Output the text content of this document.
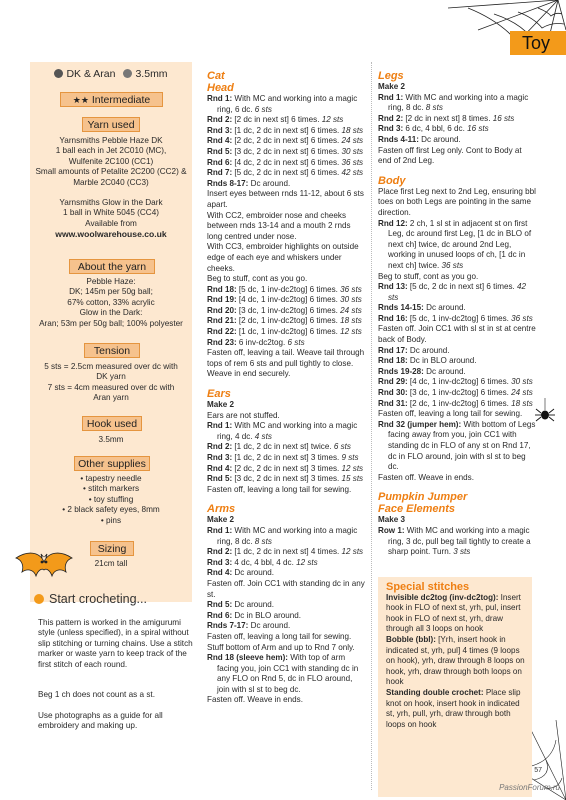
Toy
DK & Aran 3.5mm
★★ Intermediate
Yarn used
Yarnsmiths Pebble Haze DK
1 ball each in Jet 2C010 (MC),
Wulfenite 2C100 (CC1)
Small amounts of Petalite 2C200 (CC2) &
Marble 2C040 (CC3)
Yarnsmiths Glow in the Dark
1 ball in White 5045 (CC4)
Available from
www.woolwarehouse.co.uk
About the yarn
Pebble Haze:
DK; 145m per 50g ball;
67% cotton, 33% acrylic
Glow in the Dark:
Aran; 53m per 50g ball; 100% polyester
Tension
5 sts = 2.5cm measured over dc with
DK yarn
7 sts = 4cm measured over dc with
Aran yarn
Hook used
3.5mm
Other supplies
• tapestry needle
• stitch markers
• toy stuffing
• 2 black safety eyes, 8mm
• pins
Sizing
21cm tall
Start crocheting...
This pattern is worked in the amigurumi style (unless specified), in a spiral without slip stitching or turning chains. Use a stitch marker or waste yarn to keep track of the first stitch of each round.
Beg 1 ch does not count as a st.
Use photographs as a guide for all embroidery and making up.
Cat
Head

Rnd 1: With MC and working into a magic ring, 6 dc. 6 sts

Rnd 2: [2 dc in next st] 6 times. 12 sts

Rnd 3: [1 dc, 2 dc in next st] 6 times. 18 sts

Rnd 4: [2 dc, 2 dc in next st] 6 times. 24 sts

Rnd 5: [3 dc, 2 dc in next st] 6 times. 30 sts

Rnd 6: [4 dc, 2 dc in next st] 6 times. 36 sts

Rnd 7: [5 dc, 2 dc in next st] 6 times. 42 sts

Rnds 8-17: Dc around.

Insert eyes between rnds 11-12, about 6 sts apart.

With CC2, embroider nose and cheeks between rnds 13-14 and a mouth 2 rnds long centred under nose.

With CC3, embroider highlights on outside edge of each eye and whiskers under cheeks.

Beg to stuff, cont as you go.

Rnd 18: [5 dc, 1 inv-dc2tog] 6 times. 36 sts

Rnd 19: [4 dc, 1 inv-dc2tog] 6 times. 30 sts

Rnd 20: [3 dc, 1 inv-dc2tog] 6 times. 24 sts

Rnd 21: [2 dc, 1 inv-dc2tog] 6 times. 18 sts

Rnd 22: [1 dc, 1 inv-dc2tog] 6 times. 12 sts

Rnd 23: 6 inv-dc2tog. 6 sts

Fasten off, leaving a tail. Weave tail through tops of rem 6 sts and pull tightly to close. Weave in end securely.

Ears

Make 2

Ears are not stuffed.

Rnd 1: With MC and working into a magic ring, 4 dc. 4 sts

Rnd 2: [1 dc, 2 dc in next st] twice. 6 sts

Rnd 3: [1 dc, 2 dc in next st] 3 times. 9 sts

Rnd 4: [2 dc, 2 dc in next st] 3 times. 12 sts

Rnd 5: [3 dc, 2 dc in next st] 3 times. 15 sts

Fasten off, leaving a long tail for sewing.

Arms

Make 2

Rnd 1: With MC and working into a magic ring, 8 dc. 8 sts

Rnd 2: [1 dc, 2 dc in next st] 4 times. 12 sts

Rnd 3: 4 dc, 4 bbl, 4 dc. 12 sts

Rnd 4: Dc around.

Fasten off. Join CC1 with standing dc in any st.

Rnd 5: Dc around.

Rnd 6: Dc in BLO around.

Rnds 7-17: Dc around.

Fasten off, leaving a long tail for sewing.

Stuff bottom of Arm and up to Rnd 7 only.

Rnd 18 (sleeve hem): With top of arm facing you, join CC1 with standing dc in any FLO on Rnd 5, dc in FLO around, join with sl st to beg dc.

Fasten off. Weave in ends.

Legs

Make 2

Rnd 1: With MC and working into a magic ring, 8 dc. 8 sts

Rnd 2: [2 dc in next st] 8 times. 16 sts

Rnd 3: 6 dc, 4 bbl, 6 dc. 16 sts

Rnds 4-11: Dc around.

Fasten off first Leg only. Cont to Body at end of 2nd Leg.

Body

Place first Leg next to 2nd Leg, ensuring bbl toes on both Legs are pointing in the same direction.

Rnd 12: 2 ch, 1 sl st in adjacent st on first Leg, dc around first Leg, [1 dc in BLO of next ch] twice, dc around 2nd Leg, working in unused loops of ch, [1 dc in next ch] twice. 36 sts

Beg to stuff, cont as you go.

Rnd 13: [5 dc, 2 dc in next st] 6 times. 42 sts

Rnds 14-15: Dc around.

Rnd 16: [5 dc, 1 inv-dc2tog] 6 times. 36 sts

Fasten off. Join CC1 with sl st in st at centre back of Body.

Rnd 17: Dc around.

Rnd 18: Dc in BLO around.

Rnds 19-28: Dc around.

Rnd 29: [4 dc, 1 inv-dc2tog] 6 times. 30 sts

Rnd 30: [3 dc, 1 inv-dc2tog] 6 times. 24 sts

Rnd 31: [2 dc, 1 inv-dc2tog] 6 times. 18 sts

Fasten off, leaving a long tail for sewing.

Rnd 32 (jumper hem): With bottom of Legs facing away from you, join CC1 with standing dc in FLO of any st on Rnd 17, dc in FLO around, join with sl st to beg dc.

Fasten off. Weave in ends.

Pumpkin Jumper
Face Elements

Make 3

Row 1: With MC and working into a magic ring, 3 dc, pull beg tail tightly to create a sharp point. Turn. 3 sts

Special stitches

Invisible dc2tog (inv-dc2tog): Insert hook in FLO of next st, yrh, pul, insert hook in FLO of next st, yrh, draw through all 3 loops on hook

Bobble (bbl): [Yrh, insert hook in indicated st, yrh, pul] 4 times (9 loops on hook), yrh, draw through 8 loops on hook, yrh, draw through both loops on hook

Standing double crochet: Place slip knot on hook, insert hook in indicated st, yrh, pull, yrh, draw through both loops on hook

57
PassionForum.ru
